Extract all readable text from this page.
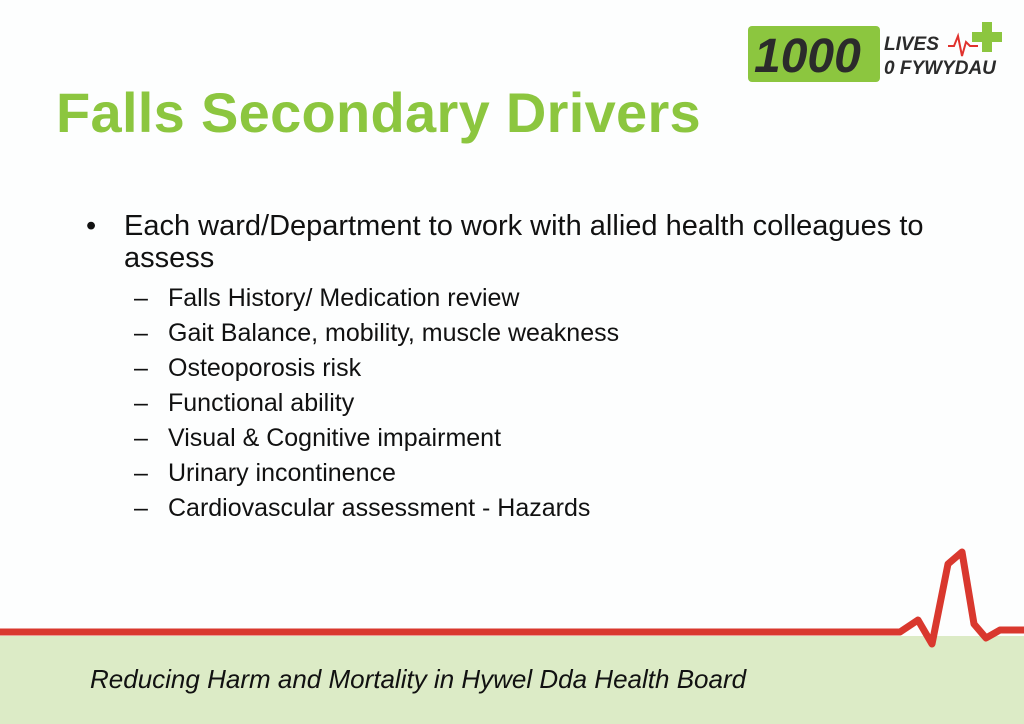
1000 LIVES
0 FYWYDAU
Falls Secondary Drivers

• Each ward/Department to work with allied health colleagues to assess

– Falls History/ Medication review
– Gait Balance, mobility, muscle weakness
– Osteoporosis risk
– Functional ability
– Visual & Cognitive impairment
– Urinary incontinence
– Cardiovascular assessment - Hazards

Reducing Harm and Mortality in Hywel Dda Health Board
